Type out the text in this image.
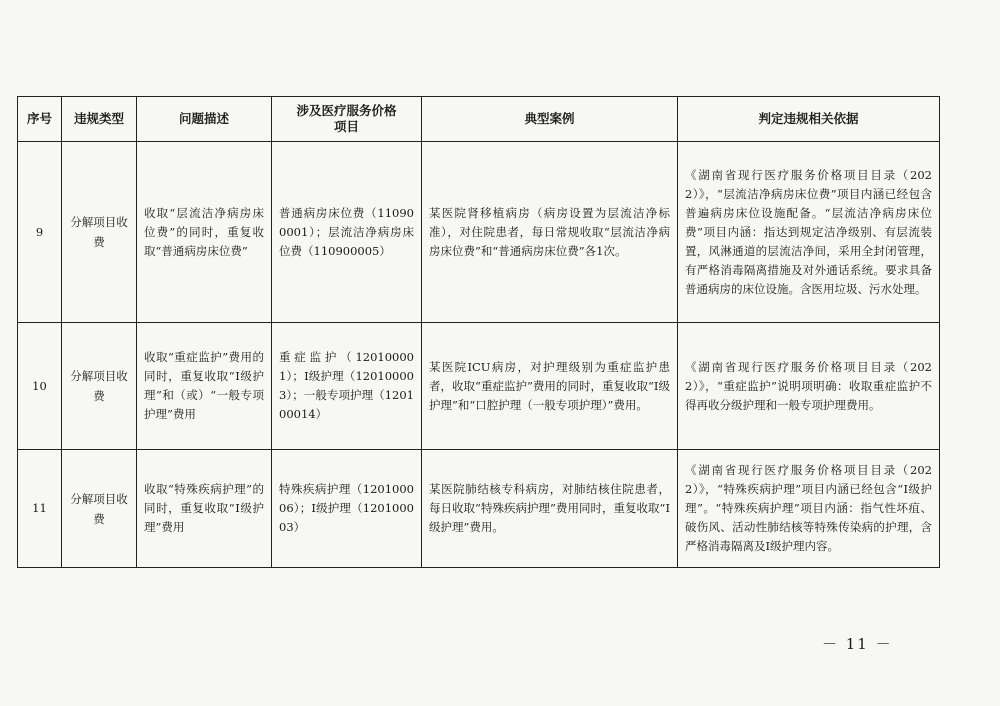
序号	违规类型	问题描述	涉及医疗服务价格项目	典型案例	判定违规相关依据
9	分解项目收费	收取“层流洁净病房床位费”的同时，重复收取“普通病房床位费”	普通病房床位费（110900001）；层流洁净病房床位费（110900005）	某医院肾移植病房（病房设置为层流洁净标准），对住院患者，每日常规收取“层流洁净病房床位费”和“普通病房床位费”各1次。	《湖南省现行医疗服务价格项目目录（2022）》，“层流洁净病房床位费”项目内涵已经包含普遍病房床位设施配备。“层流洁净病房床位费”项目内涵：指达到规定洁净级别、有层流装置，风淋通道的层流洁净间，采用全封闭管理，有严格消毒隔离措施及对外通话系统。要求具备普通病房的床位设施。含医用垃圾、污水处理。

10	分解项目收费	收取“重症监护”费用的同时，重复收取“Ⅰ级护理”和（或）“一般专项护理”费用	重症监护（120100001）；Ⅰ级护理（120100003）；一般专项护理（120100014）	某医院ICU病房，对护理级别为重症监护患者，收取“重症监护”费用的同时，重复收取“Ⅰ级护理”和“口腔护理（一般专项护理）”费用。	《湖南省现行医疗服务价格项目目录（2022）》，“重症监护”说明项明确：收取重症监护不得再收分级护理和一般专项护理费用。

11	分解项目收费	收取“特殊疾病护理”的同时，重复收取“Ⅰ级护理”费用	特殊疾病护理（120100006）；Ⅰ级护理（120100003）	某医院肺结核专科病房，对肺结核住院患者，每日收取“特殊疾病护理”费用同时，重复收取“Ⅰ级护理”费用。	《湖南省现行医疗服务价格项目目录（2022）》，“特殊疾病护理”项目内涵已经包含“Ⅰ级护理”。“特殊疾病护理”项目内涵：指气性坏疽、破伤风、活动性肺结核等特殊传染病的护理，含严格消毒隔离及Ⅰ级护理内容。
－ 11 －
